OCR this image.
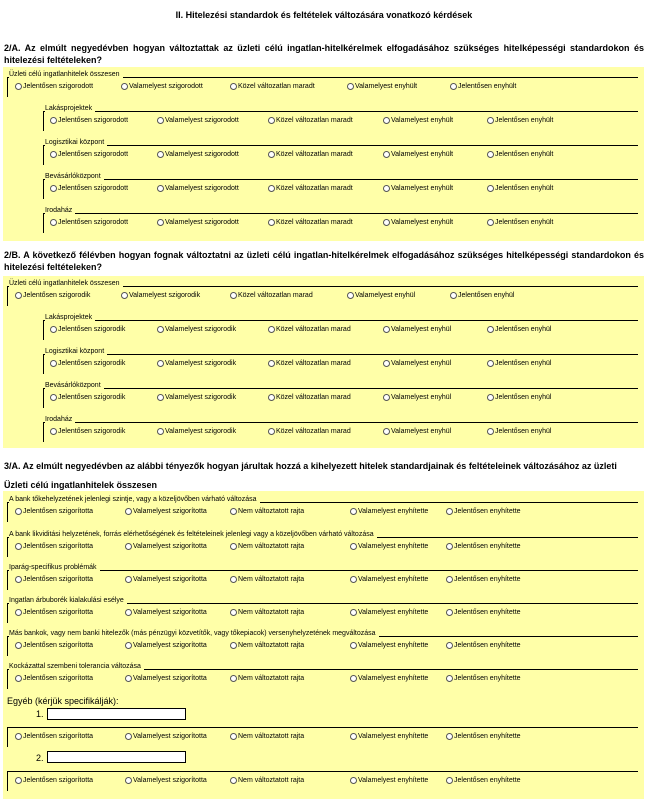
II. Hitelezési standardok és feltételek változására vonatkozó kérdések
2/A. Az elmúlt negyedévben hogyan változtattak az üzleti célú ingatlan-hitelkérelmek elfogadásához szükséges hitelképességi standardokon és hitelezési feltételeken?
Üzleti célú ingatlanhitelek összesen
Jelentősen szigorodott	Valamelyest szigorodott	Közel változatlan maradt	Valamelyest enyhült	Jelentősen enyhült
Lakásprojektek
Jelentősen szigorodott	Valamelyest szigorodott	Közel változatlan maradt	Valamelyest enyhült	Jelentősen enyhült
Logisztikai központ
Jelentősen szigorodott	Valamelyest szigorodott	Közel változatlan maradt	Valamelyest enyhült	Jelentősen enyhült
Bevásárlóközpont
Jelentősen szigorodott	Valamelyest szigorodott	Közel változatlan maradt	Valamelyest enyhült	Jelentősen enyhült
Irodaház
Jelentősen szigorodott	Valamelyest szigorodott	Közel változatlan maradt	Valamelyest enyhült	Jelentősen enyhült
2/B. A következő félévben hogyan fognak változtatni az üzleti célú ingatlan-hitelkérelmek elfogadásához szükséges hitelképességi standardokon és hitelezési feltételeken?
Üzleti célú ingatlanhitelek összesen
Jelentősen szigorodik	Valamelyest szigorodik	Közel változatlan marad	Valamelyest enyhül	Jelentősen enyhül
Lakásprojektek
Jelentősen szigorodik	Valamelyest szigorodik	Közel változatlan marad	Valamelyest enyhül	Jelentősen enyhül
Logisztikai központ
Jelentősen szigorodik	Valamelyest szigorodik	Közel változatlan marad	Valamelyest enyhül	Jelentősen enyhül
Bevásárlóközpont
Jelentősen szigorodik	Valamelyest szigorodik	Közel változatlan marad	Valamelyest enyhül	Jelentősen enyhül
Irodaház
Jelentősen szigorodik	Valamelyest szigorodik	Közel változatlan marad	Valamelyest enyhül	Jelentősen enyhül
3/A. Az elmúlt negyedévben az alábbi tényezők hogyan járultak hozzá a kihelyezett hitelek standardjainak és feltételeinek változásához az üzleti
Üzleti célú ingatlanhitelek összesen
A bank tőkehelyzetének jelenlegi szintje, vagy a közeljövőben várható változása
Jelentősen szigorította	Valamelyest szigorította	Nem változtatott rajta	Valamelyest enyhítette	Jelentősen enyhítette
A bank likviditási helyzetének, forrás elérhetőségének és feltételeinek jelenlegi vagy a közeljövőben várható változása
Jelentősen szigorította	Valamelyest szigorította	Nem változtatott rajta	Valamelyest enyhítette	Jelentősen enyhítette
Iparág-specifikus problémák
Jelentősen szigorította	Valamelyest szigorította	Nem változtatott rajta	Valamelyest enyhítette	Jelentősen enyhítette
Ingatlan árbuborék kialakulási esélye
Jelentősen szigorította	Valamelyest szigorította	Nem változtatott rajta	Valamelyest enyhítette	Jelentősen enyhítette
Más bankok, vagy nem banki hitelezők (más pénzügyi közvetítők, vagy tőkepiacok) versenyhelyzetének megváltozása
Jelentősen szigorította	Valamelyest szigorította	Nem változtatott rajta	Valamelyest enyhítette	Jelentősen enyhítette
Kockázattal szembeni tolerancia változása
Jelentősen szigorította	Valamelyest szigorította	Nem változtatott rajta	Valamelyest enyhítette	Jelentősen enyhítette
Egyéb (kérjük specifikálják):
1.
Jelentősen szigorította	Valamelyest szigorította	Nem változtatott rajta	Valamelyest enyhítette	Jelentősen enyhítette
2.
Jelentősen szigorította	Valamelyest szigorította	Nem változtatott rajta	Valamelyest enyhítette	Jelentősen enyhítette
